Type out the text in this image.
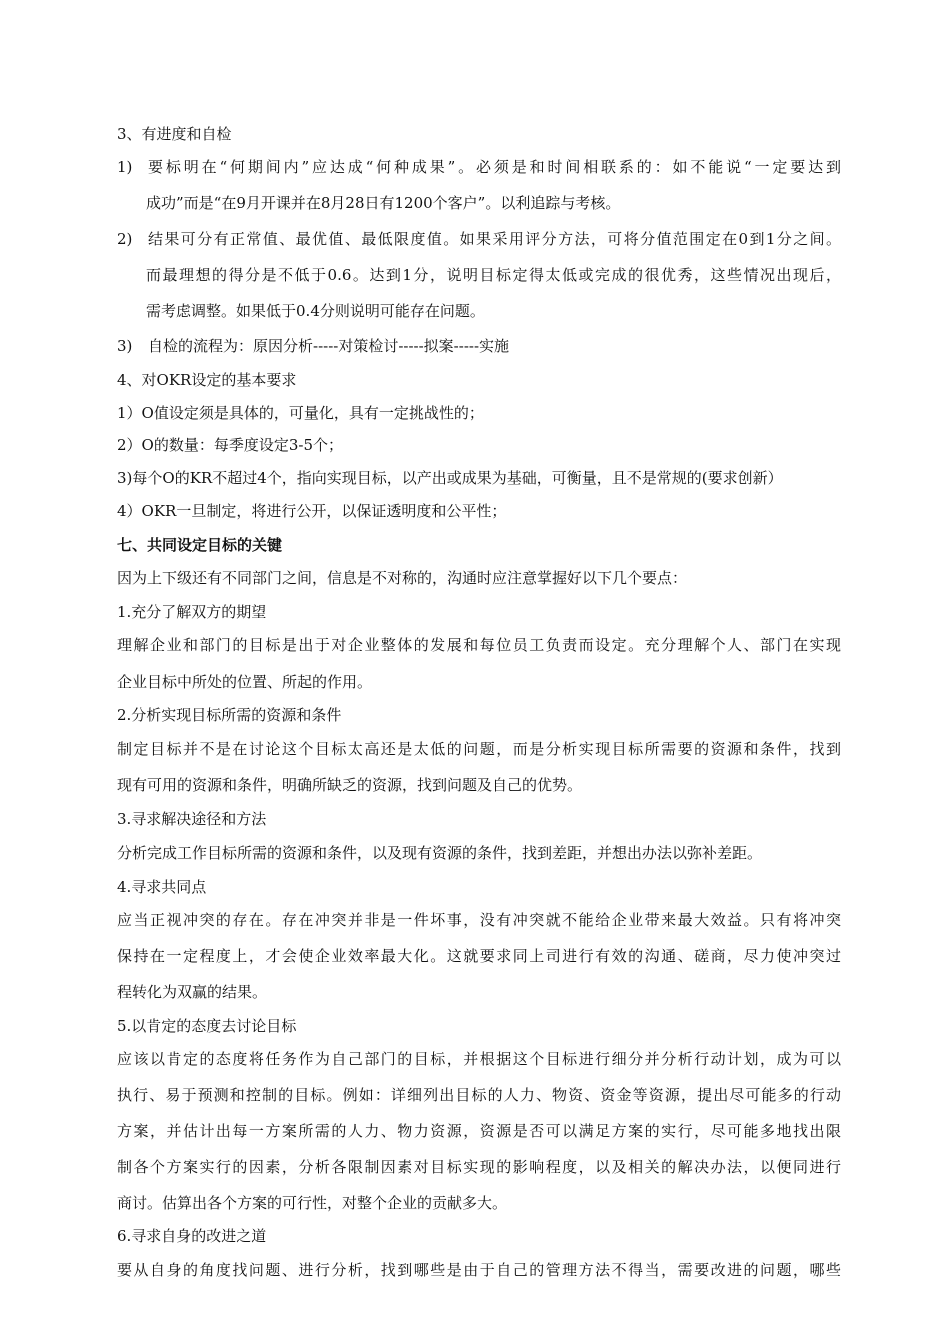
3、有进度和自检
1) 要标明在“何期间内”应达成“何种成果”。必须是和时间相联系的：如不能说“一定要达到
成功”而是“在9月开课并在8月28日有1200个客户”。以利追踪与考核。
2) 结果可分有正常值、最优值、最低限度值。如果采用评分方法，可将分值范围定在0到1分之间。
而最理想的得分是不低于0.6。达到1分，说明目标定得太低或完成的很优秀，这些情况出现后，
需考虑调整。如果低于0.4分则说明可能存在问题。
3) 自检的流程为：原因分析-----对策检讨-----拟案-----实施
4、对OKR设定的基本要求
1）O值设定须是具体的，可量化，具有一定挑战性的；
2）O的数量：每季度设定3-5个；
3)每个O的KR不超过4个，指向实现目标，以产出或成果为基础，可衡量，且不是常规的(要求创新）
4）OKR一旦制定，将进行公开，以保证透明度和公平性；
七、共同设定目标的关键
因为上下级还有不同部门之间，信息是不对称的，沟通时应注意掌握好以下几个要点：
1.充分了解双方的期望
理解企业和部门的目标是出于对企业整体的发展和每位员工负责而设定。充分理解个人、部门在实现
企业目标中所处的位置、所起的作用。
2.分析实现目标所需的资源和条件
制定目标并不是在讨论这个目标太高还是太低的问题，而是分析实现目标所需要的资源和条件，找到
现有可用的资源和条件，明确所缺乏的资源，找到问题及自己的优势。
3.寻求解决途径和方法
分析完成工作目标所需的资源和条件，以及现有资源的条件，找到差距，并想出办法以弥补差距。
4.寻求共同点
应当正视冲突的存在。存在冲突并非是一件坏事，没有冲突就不能给企业带来最大效益。只有将冲突
保持在一定程度上，才会使企业效率最大化。这就要求同上司进行有效的沟通、磋商，尽力使冲突过
程转化为双赢的结果。
5.以肯定的态度去讨论目标
应该以肯定的态度将任务作为自己部门的目标，并根据这个目标进行细分并分析行动计划，成为可以
执行、易于预测和控制的目标。例如：详细列出目标的人力、物资、资金等资源，提出尽可能多的行动
方案，并估计出每一方案所需的人力、物力资源，资源是否可以满足方案的实行，尽可能多地找出限
制各个方案实行的因素，分析各限制因素对目标实现的影响程度，以及相关的解决办法，以便同进行
商讨。估算出各个方案的可行性，对整个企业的贡献多大。
6.寻求自身的改进之道
要从自身的角度找问题、进行分析，找到哪些是由于自己的管理方法不得当，需要改进的问题，哪些
